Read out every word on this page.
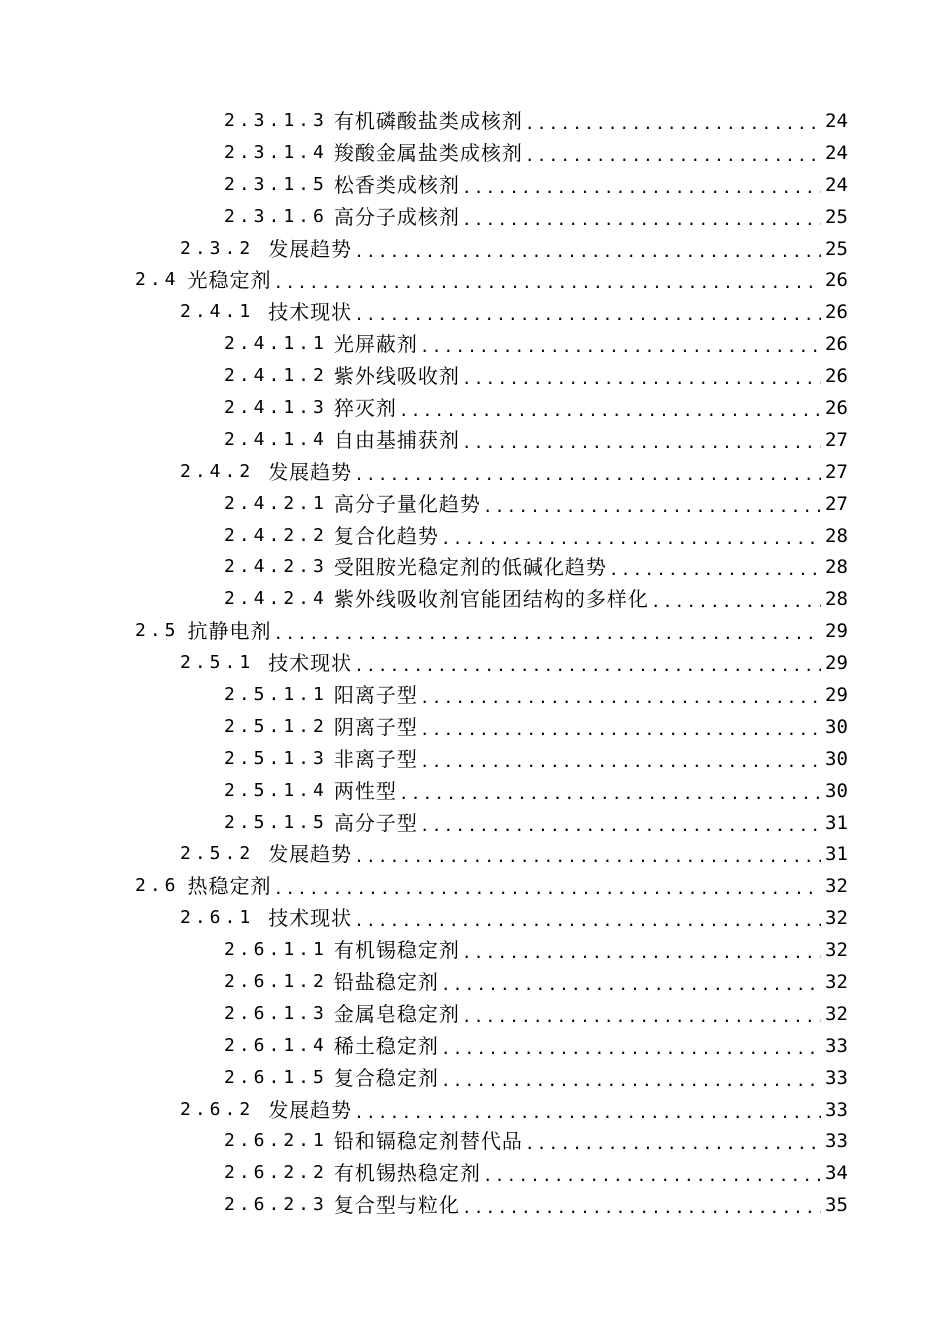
2.3.1.3 有机磷酸盐类成核剂 .....	24
2.3.1.4 羧酸金属盐类成核剂 .....	24
2.3.1.5 松香类成核剂 .....	24
2.3.1.6 高分子成核剂 .....	25
2.3.2 发展趋势 .....	25
2.4 光稳定剂 .....	26
2.4.1 技术现状 .....	26
2.4.1.1 光屏蔽剂 .....	26
2.4.1.2 紫外线吸收剂 .....	26
2.4.1.3 猝灭剂 .....	26
2.4.1.4 自由基捕获剂 .....	27
2.4.2 发展趋势 .....	27
2.4.2.1 高分子量化趋势 .....	27
2.4.2.2 复合化趋势 .....	28
2.4.2.3 受阻胺光稳定剂的低碱化趋势 .....	28
2.4.2.4 紫外线吸收剂官能团结构的多样化 .....	28
2.5 抗静电剂 .....	29
2.5.1 技术现状 .....	29
2.5.1.1 阳离子型 .....	29
2.5.1.2 阴离子型 .....	30
2.5.1.3 非离子型 .....	30
2.5.1.4 两性型 .....	30
2.5.1.5 高分子型 .....	31
2.5.2 发展趋势 .....	31
2.6 热稳定剂 .....	32
2.6.1 技术现状 .....	32
2.6.1.1 有机锡稳定剂 .....	32
2.6.1.2 铅盐稳定剂 .....	32
2.6.1.3 金属皂稳定剂 .....	32
2.6.1.4 稀土稳定剂 .....	33
2.6.1.5 复合稳定剂 .....	33
2.6.2 发展趋势 .....	33
2.6.2.1 铅和镉稳定剂替代品 .....	33
2.6.2.2 有机锡热稳定剂 .....	34
2.6.2.3 复合型与粒化 .....	35
